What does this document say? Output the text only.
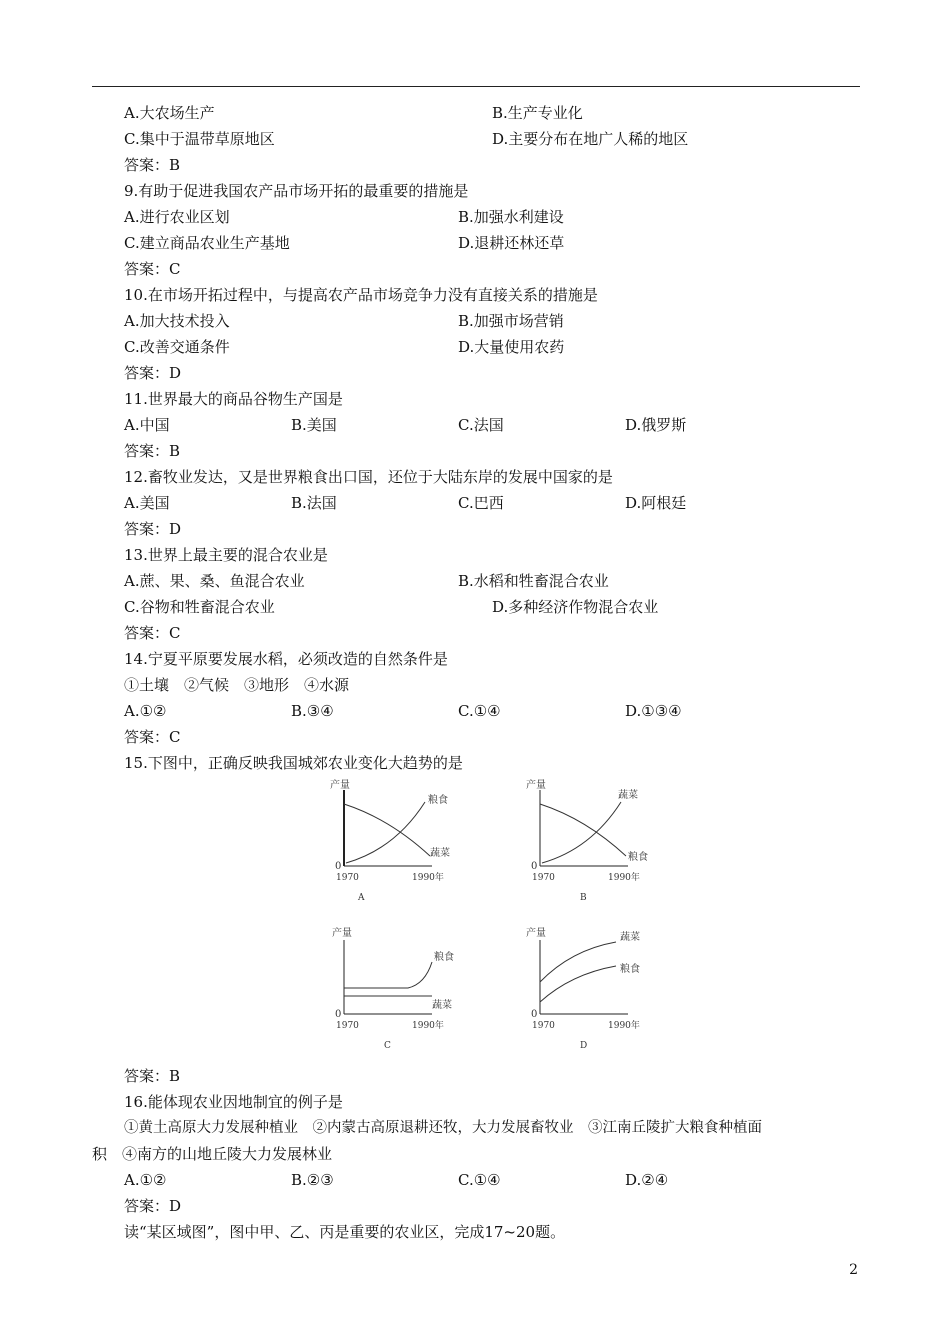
A.大农场生产	B.生产专业化
C.集中于温带草原地区	D.主要分布在地广人稀的地区
答案：B
9.有助于促进我国农产品市场开拓的最重要的措施是
A.进行农业区划	B.加强水利建设
C.建立商品农业生产基地	D.退耕还林还草
答案：C
10.在市场开拓过程中，与提高农产品市场竞争力没有直接关系的措施是
A.加大技术投入	B.加强市场营销
C.改善交通条件	D.大量使用农药
答案：D
11.世界最大的商品谷物生产国是
A.中国	B.美国	C.法国	D.俄罗斯
答案：B
12.畜牧业发达，又是世界粮食出口国，还位于大陆东岸的发展中国家的是
A.美国	B.法国	C.巴西	D.阿根廷
答案：D
13.世界上最主要的混合农业是
A.蔗、果、桑、鱼混合农业	B.水稻和牲畜混合农业
C.谷物和牲畜混合农业	D.多种经济作物混合农业
答案：C
14.宁夏平原要发展水稻，必须改造的自然条件是
①土壤　②气候　③地形　④水源
A.①②	B.③④	C.①④	D.①③④
答案：C
15.下图中，正确反映我国城郊农业变化大趋势的是
产量
0
1970	1990年
粮食
蔬菜
A
产量
0
1970	1990年
蔬菜
粮食
B
产量
0
1970	1990年
粮食
蔬菜
C
产量
0
1970	1990年
蔬菜
粮食
D
答案：B
16.能体现农业因地制宜的例子是
①黄土高原大力发展种植业　②内蒙古高原退耕还牧，大力发展畜牧业　③江南丘陵扩大粮食种植面
积　④南方的山地丘陵大力发展林业
A.①②	B.②③	C.①④	D.②④
答案：D
读“某区域图”，图中甲、乙、丙是重要的农业区，完成17~20题。
2
